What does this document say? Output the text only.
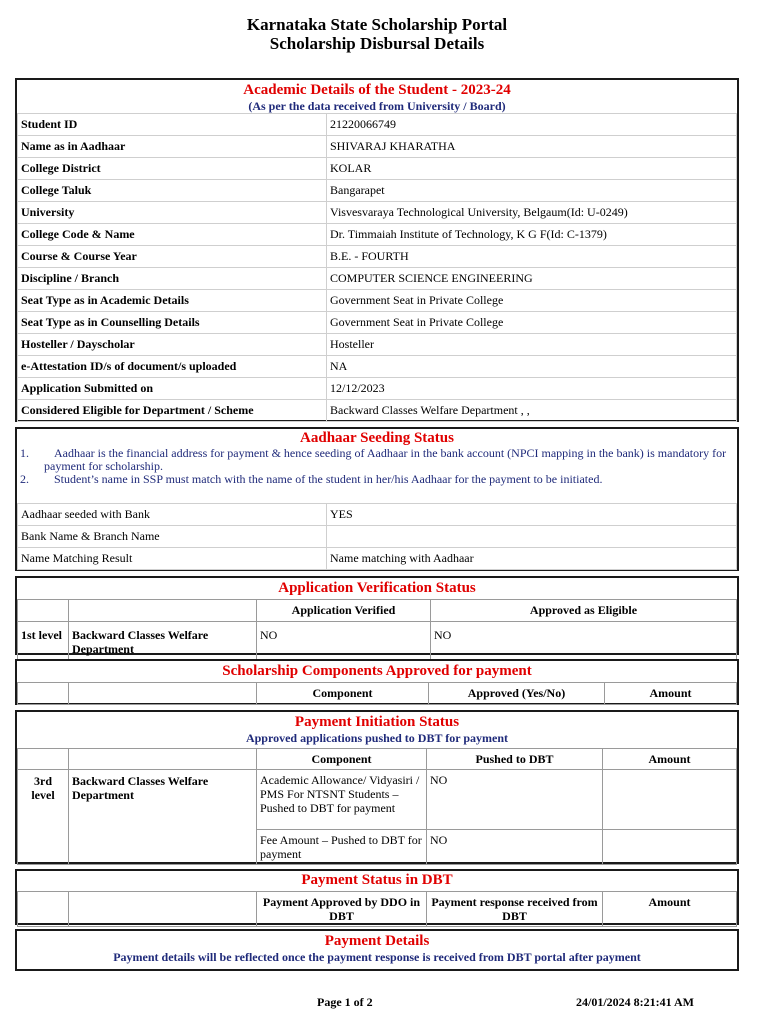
Karnataka State Scholarship Portal
Scholarship Disbursal Details
Academic Details of the Student - 2023-24
(As per the data received from University / Board)
Student ID	21220066749
Name as in Aadhaar	SHIVARAJ KHARATHA
College District	KOLAR
College Taluk	Bangarapet
University	Visvesvaraya Technological University, Belgaum(Id: U-0249)
College Code & Name	Dr. Timmaiah Institute of Technology, K G F(Id: C-1379)
Course & Course Year	B.E. - FOURTH
Discipline / Branch	COMPUTER SCIENCE ENGINEERING
Seat Type as in Academic Details	Government Seat in Private College
Seat Type as in Counselling Details	Government Seat in Private College
Hosteller / Dayscholar	Hosteller
e-Attestation ID/s of document/s uploaded	NA
Application Submitted on	12/12/2023
Considered Eligible for Department / Scheme	Backward Classes Welfare Department , ,
Aadhaar Seeding Status
1.	Aadhaar is the financial address for payment & hence seeding of Aadhaar in the bank account (NPCI mapping in the bank) is mandatory for payment for scholarship.
2.	Student’s name in SSP must match with the name of the student in her/his Aadhaar for the payment to be initiated.
Aadhaar seeded with Bank	YES
Bank Name & Branch Name	
Name Matching Result	Name matching with Aadhaar
Application Verification Status
		Application Verified	Approved as Eligible
1st level	Backward Classes Welfare Department	NO	NO
Scholarship Components Approved for payment
		Component	Approved (Yes/No)	Amount
Payment Initiation Status
Approved applications pushed to DBT for payment
		Component	Pushed to DBT	Amount
3rd level	Backward Classes Welfare Department	Academic Allowance/ Vidyasiri / PMS For NTSNT Students – Pushed to DBT for payment	NO	
		Fee Amount – Pushed to DBT for payment	NO	
Payment Status in DBT
		Payment Approved by DDO in DBT	Payment response received from DBT	Amount
Payment Details
Payment details will be reflected once the payment response is received from DBT portal after payment
Page 1 of 2	24/01/2024 8:21:41 AM
